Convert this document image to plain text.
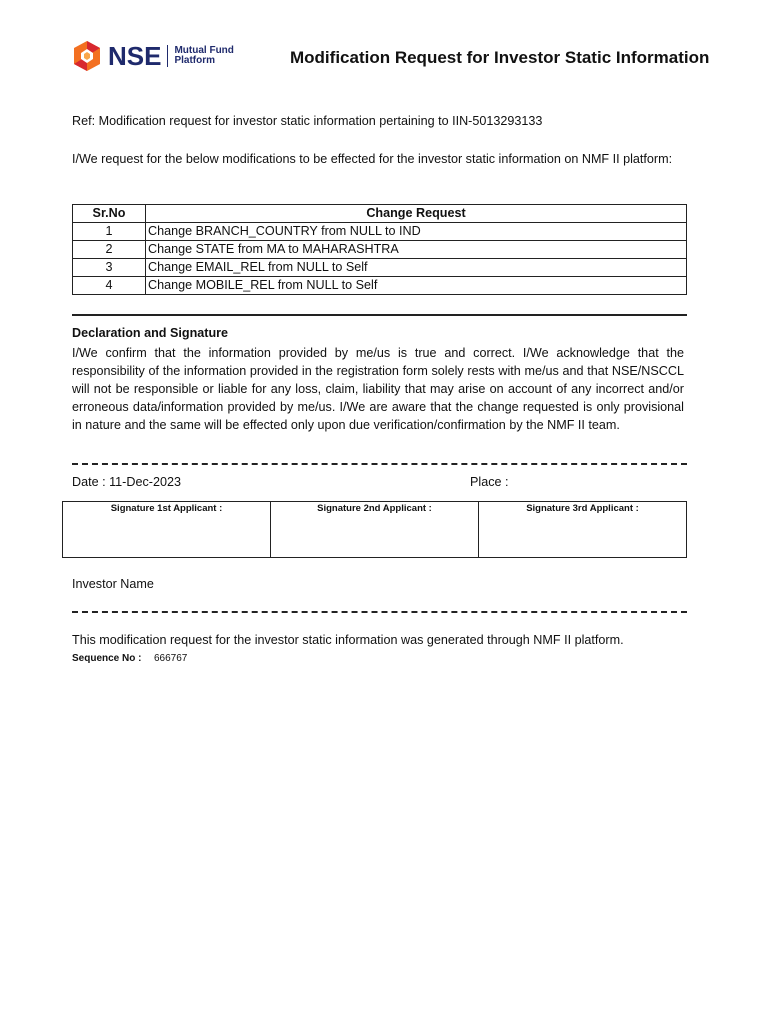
NSE Mutual Fund
Platform	Modification Request for Investor Static Information
Ref: Modification request for investor static information pertaining to IIN-5013293133
I/We request for the below modifications to be effected for the investor static information on NMF II platform:
Sr.No	Change Request
1	Change BRANCH_COUNTRY from NULL to IND
2	Change STATE from MA to MAHARASHTRA
3	Change EMAIL_REL from NULL to Self
4	Change MOBILE_REL from NULL to Self
Declaration and Signature
I/We confirm that the information provided by me/us is true and correct. I/We acknowledge that the responsibility of the information provided in the registration form solely rests with me/us and that NSE/NSCCL will not be responsible or liable for any loss, claim, liability that may arise on account of any incorrect and/or erroneous data/information provided by me/us. I/We are aware that the change requested is only provisional in nature and the same will be effected only upon due verification/confirmation by the NMF II team.
Date : 11-Dec-2023	Place :
Signature 1st Applicant :	Signature 2nd Applicant :	Signature 3rd Applicant :
Investor Name
This modification request for the investor static information was generated through NMF II platform.
Sequence No : 666767
